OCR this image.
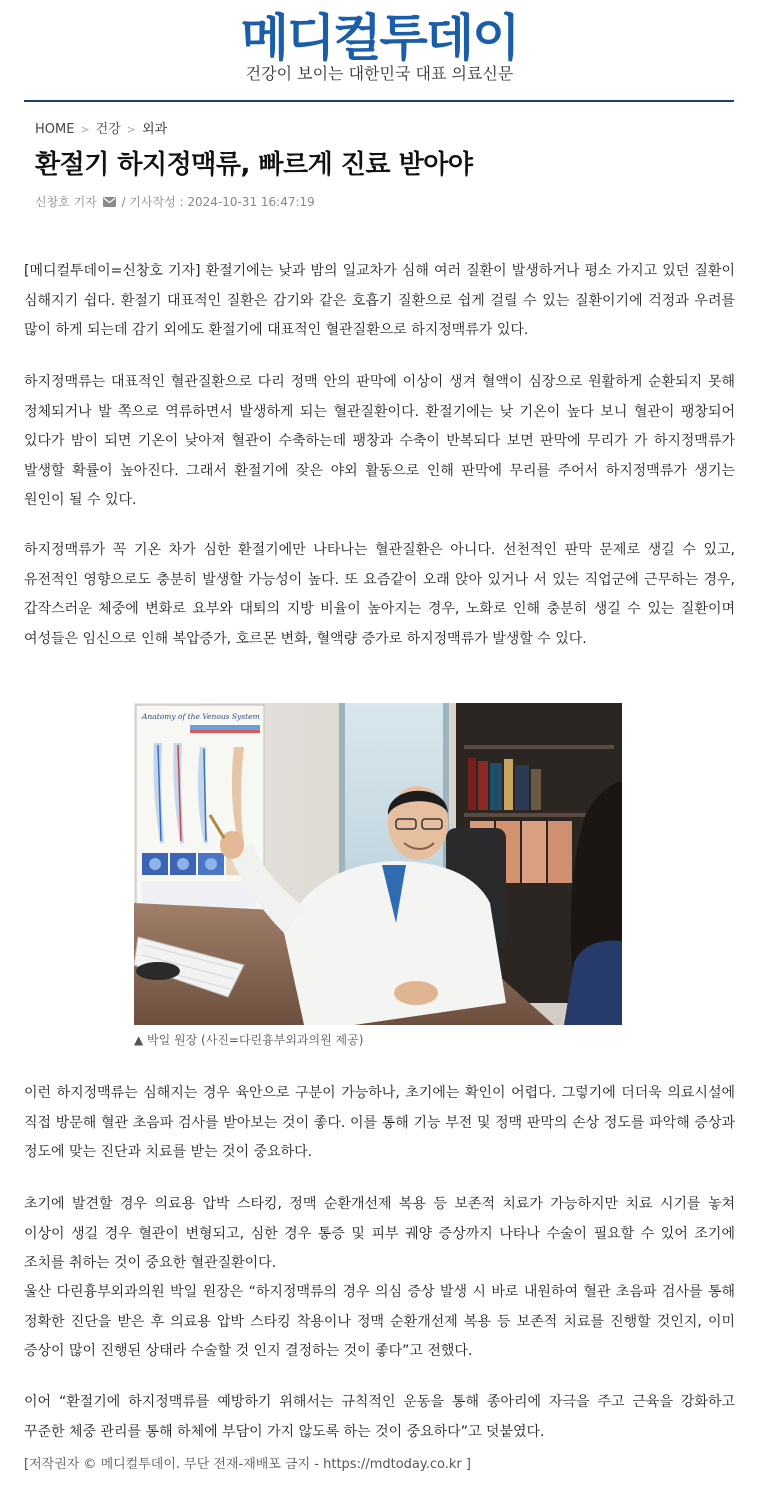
메디컬투데이
건강이 보이는 대한민국 대표 의료신문
HOME > 건강 > 외과
환절기 하지정맥류, 빠르게 진료 받아야
신창호 기자 / 기사작성 : 2024-10-31 16:47:19

[메디컬투데이=신창호 기자] 환절기에는 낮과 밤의 일교차가 심해 여러 질환이 발생하거나 평소 가지고 있던 질환이 심해지기 쉽다. 환절기 대표적인 질환은 감기와 같은 호흡기 질환으로 쉽게 걸릴 수 있는 질환이기에 걱정과 우려를 많이 하게 되는데 감기 외에도 환절기에 대표적인 혈관질환으로 하지정맥류가 있다.

하지정맥류는 대표적인 혈관질환으로 다리 정맥 안의 판막에 이상이 생겨 혈액이 심장으로 원활하게 순환되지 못해 정체되거나 발 쪽으로 역류하면서 발생하게 되는 혈관질환이다. 환절기에는 낮 기온이 높다 보니 혈관이 팽창되어 있다가 밤이 되면 기온이 낮아져 혈관이 수축하는데 팽창과 수축이 반복되다 보면 판막에 무리가 가 하지정맥류가 발생할 확률이 높아진다. 그래서 환절기에 잦은 야외 활동으로 인해 판막에 무리를 주어서 하지정맥류가 생기는 원인이 될 수 있다.

하지정맥류가 꼭 기온 차가 심한 환절기에만 나타나는 혈관질환은 아니다. 선천적인 판막 문제로 생길 수 있고, 유전적인 영향으로도 충분히 발생할 가능성이 높다. 또 요즘같이 오래 앉아 있거나 서 있는 직업군에 근무하는 경우, 갑작스러운 체중에 변화로 요부와 대퇴의 지방 비율이 높아지는 경우, 노화로 인해 충분히 생길 수 있는 질환이며 여성들은 임신으로 인해 복압증가, 호르몬 변화, 혈액량 증가로 하지정맥류가 발생할 수 있다.

Anatomy of the Venous System
▲ 박일 원장 (사진=다린흉부외과의원 제공)

이런 하지정맥류는 심해지는 경우 육안으로 구분이 가능하나, 초기에는 확인이 어렵다. 그렇기에 더더욱 의료시설에 직접 방문해 혈관 초음파 검사를 받아보는 것이 좋다. 이를 통해 기능 부전 및 정맥 판막의 손상 정도를 파악해 증상과 정도에 맞는 진단과 치료를 받는 것이 중요하다.

초기에 발견할 경우 의료용 압박 스타킹, 정맥 순환개선제 복용 등 보존적 치료가 가능하지만 치료 시기를 놓쳐 이상이 생길 경우 혈관이 변형되고, 심한 경우 통증 및 피부 궤양 증상까지 나타나 수술이 필요할 수 있어 조기에 조치를 취하는 것이 중요한 혈관질환이다.

울산 다린흉부외과의원 박일 원장은 “하지정맥류의 경우 의심 증상 발생 시 바로 내원하여 혈관 초음파 검사를 통해 정확한 진단을 받은 후 의료용 압박 스타킹 착용이나 정맥 순환개선제 복용 등 보존적 치료를 진행할 것인지, 이미 증상이 많이 진행된 상태라 수술할 것 인지 결정하는 것이 좋다”고 전했다.

이어 “환절기에 하지정맥류를 예방하기 위해서는 규칙적인 운동을 통해 종아리에 자극을 주고 근육을 강화하고 꾸준한 체중 관리를 통해 하체에 부담이 가지 않도록 하는 것이 중요하다”고 덧붙였다.

[저작권자 © 메디컬투데이. 무단 전재-재배포 금지 - https://mdtoday.co.kr ]
